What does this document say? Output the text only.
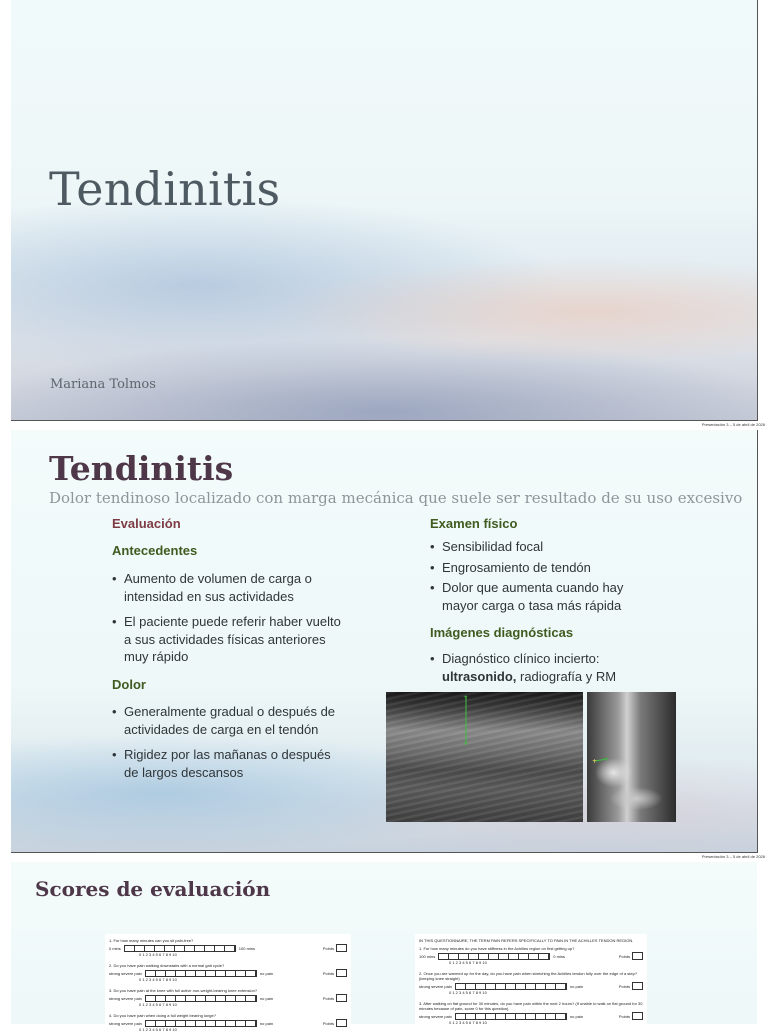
Tendinitis
Mariana Tolmos
Presentación 3 – 5 de abril de 2026
Tendinitis
Dolor tendinoso localizado con marga mecánica que suele ser resultado de su uso excesivo
Evaluación
Antecedentes
• Aumento de volumen de carga o intensidad en sus actividades
• El paciente puede referir haber vuelto a sus actividades físicas anteriores muy rápido
Dolor
• Generalmente gradual o después de actividades de carga en el tendón
• Rigidez por las mañanas o después de largos descansos
Examen físico
• Sensibilidad focal
• Engrosamiento de tendón
• Dolor que aumenta cuando hay mayor carga o tasa más rápida
Imágenes diagnósticas
• Diagnóstico clínico incierto:
ultrasonido, radiografía y RM
+
+
+ +
Presentación 3 – 5 de abril de 2026
Scores de evaluación
1. For how many minutes can you sit pain-free?
0 mins	100 mins	Points
0 1 2 3 4 5 6 7 8 9 10
2. Do you have pain walking downstairs with a normal gait cycle?
strong severe pain	no pain	Points
0 1 2 3 4 5 6 7 8 9 10
3. Do you have pain at the knee with full active non-weight-bearing knee extension?
strong severe pain	no pain	Points
0 1 2 3 4 5 6 7 8 9 10
4. Do you have pain when doing a full weight bearing lunge?
strong severe pain	no pain	Points
0 1 2 3 4 5 6 7 8 9 10
IN THIS QUESTIONNAIRE, THE TERM PAIN REFERS SPECIFICALLY TO PAIN IN THE ACHILLES TENDON REGION.
1. For how many minutes do you have stiffness in the Achilles region on first getting up?
100 mins	0 mins	Points
0 1 2 3 4 5 6 7 8 9 10
2. Once you are warmed up for the day, do you have pain when stretching the Achilles tendon fully over the edge of a step? (keeping knee straight)
strong severe pain	no pain	Points
0 1 2 3 4 5 6 7 8 9 10
3. After walking on flat ground for 30 minutes, do you have pain within the next 2 hours? (If unable to walk on flat ground for 30 minutes because of pain, score 0 for this question).
strong severe pain	no pain	Points
0 1 2 3 4 5 6 7 8 9 10
